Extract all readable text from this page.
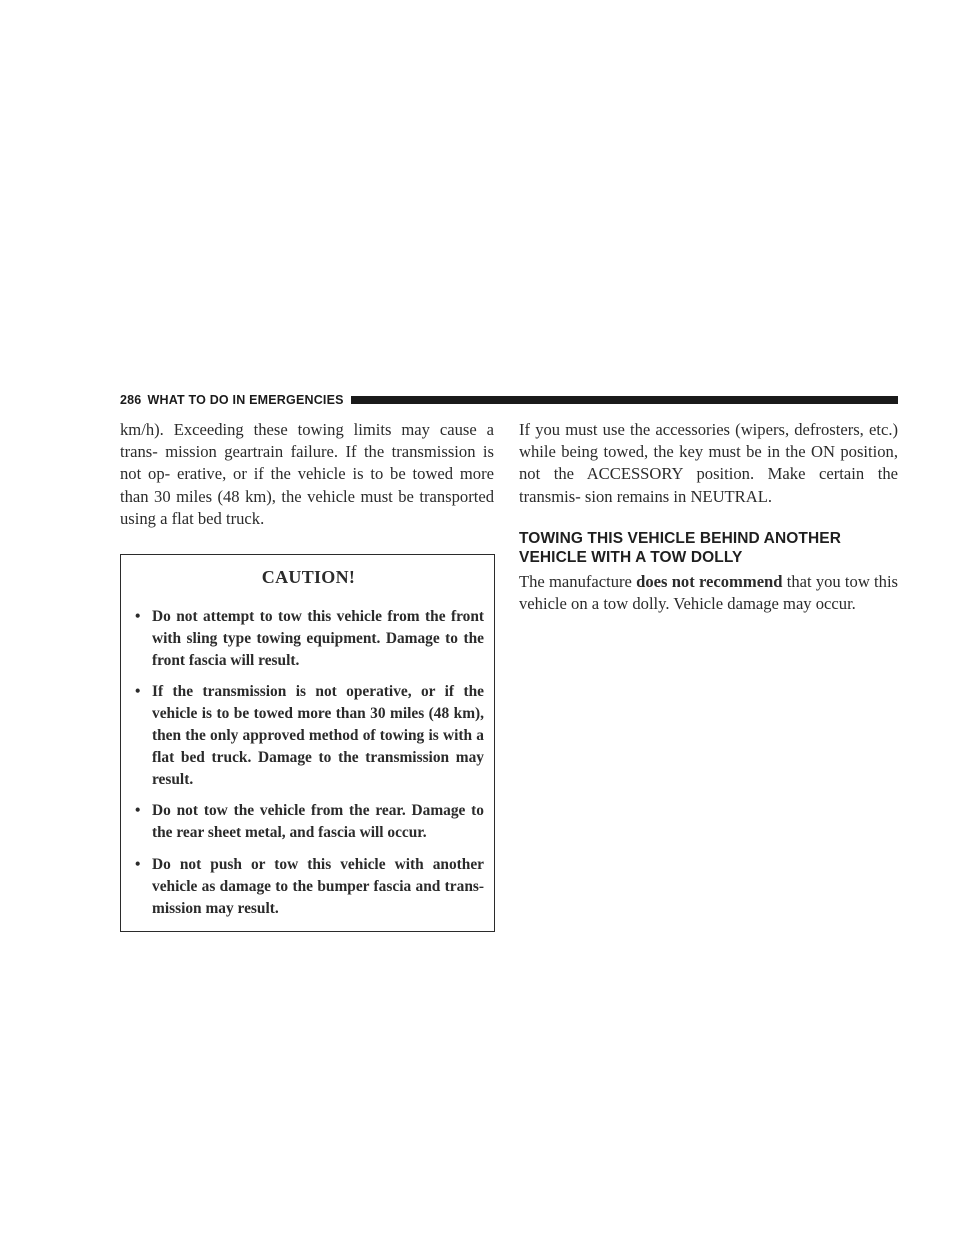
286 WHAT TO DO IN EMERGENCIES

km/h). Exceeding these towing limits may cause a trans- mission geartrain failure. If the transmission is not op- erative, or if the vehicle is to be towed more than 30 miles (48 km), the vehicle must be transported using a flat bed truck.

CAUTION!
• Do not attempt to tow this vehicle from the front with sling type towing equipment. Damage to the front fascia will result.
• If the transmission is not operative, or if the vehicle is to be towed more than 30 miles (48 km), then the only approved method of towing is with a flat bed truck. Damage to the transmission may result.
• Do not tow the vehicle from the rear. Damage to the rear sheet metal, and fascia will occur.
• Do not push or tow this vehicle with another vehicle as damage to the bumper fascia and trans- mission may result.

If you must use the accessories (wipers, defrosters, etc.) while being towed, the key must be in the ON position, not the ACCESSORY position. Make certain the transmis- sion remains in NEUTRAL.

TOWING THIS VEHICLE BEHIND ANOTHER VEHICLE WITH A TOW DOLLY

The manufacture does not recommend that you tow this vehicle on a tow dolly. Vehicle damage may occur.
